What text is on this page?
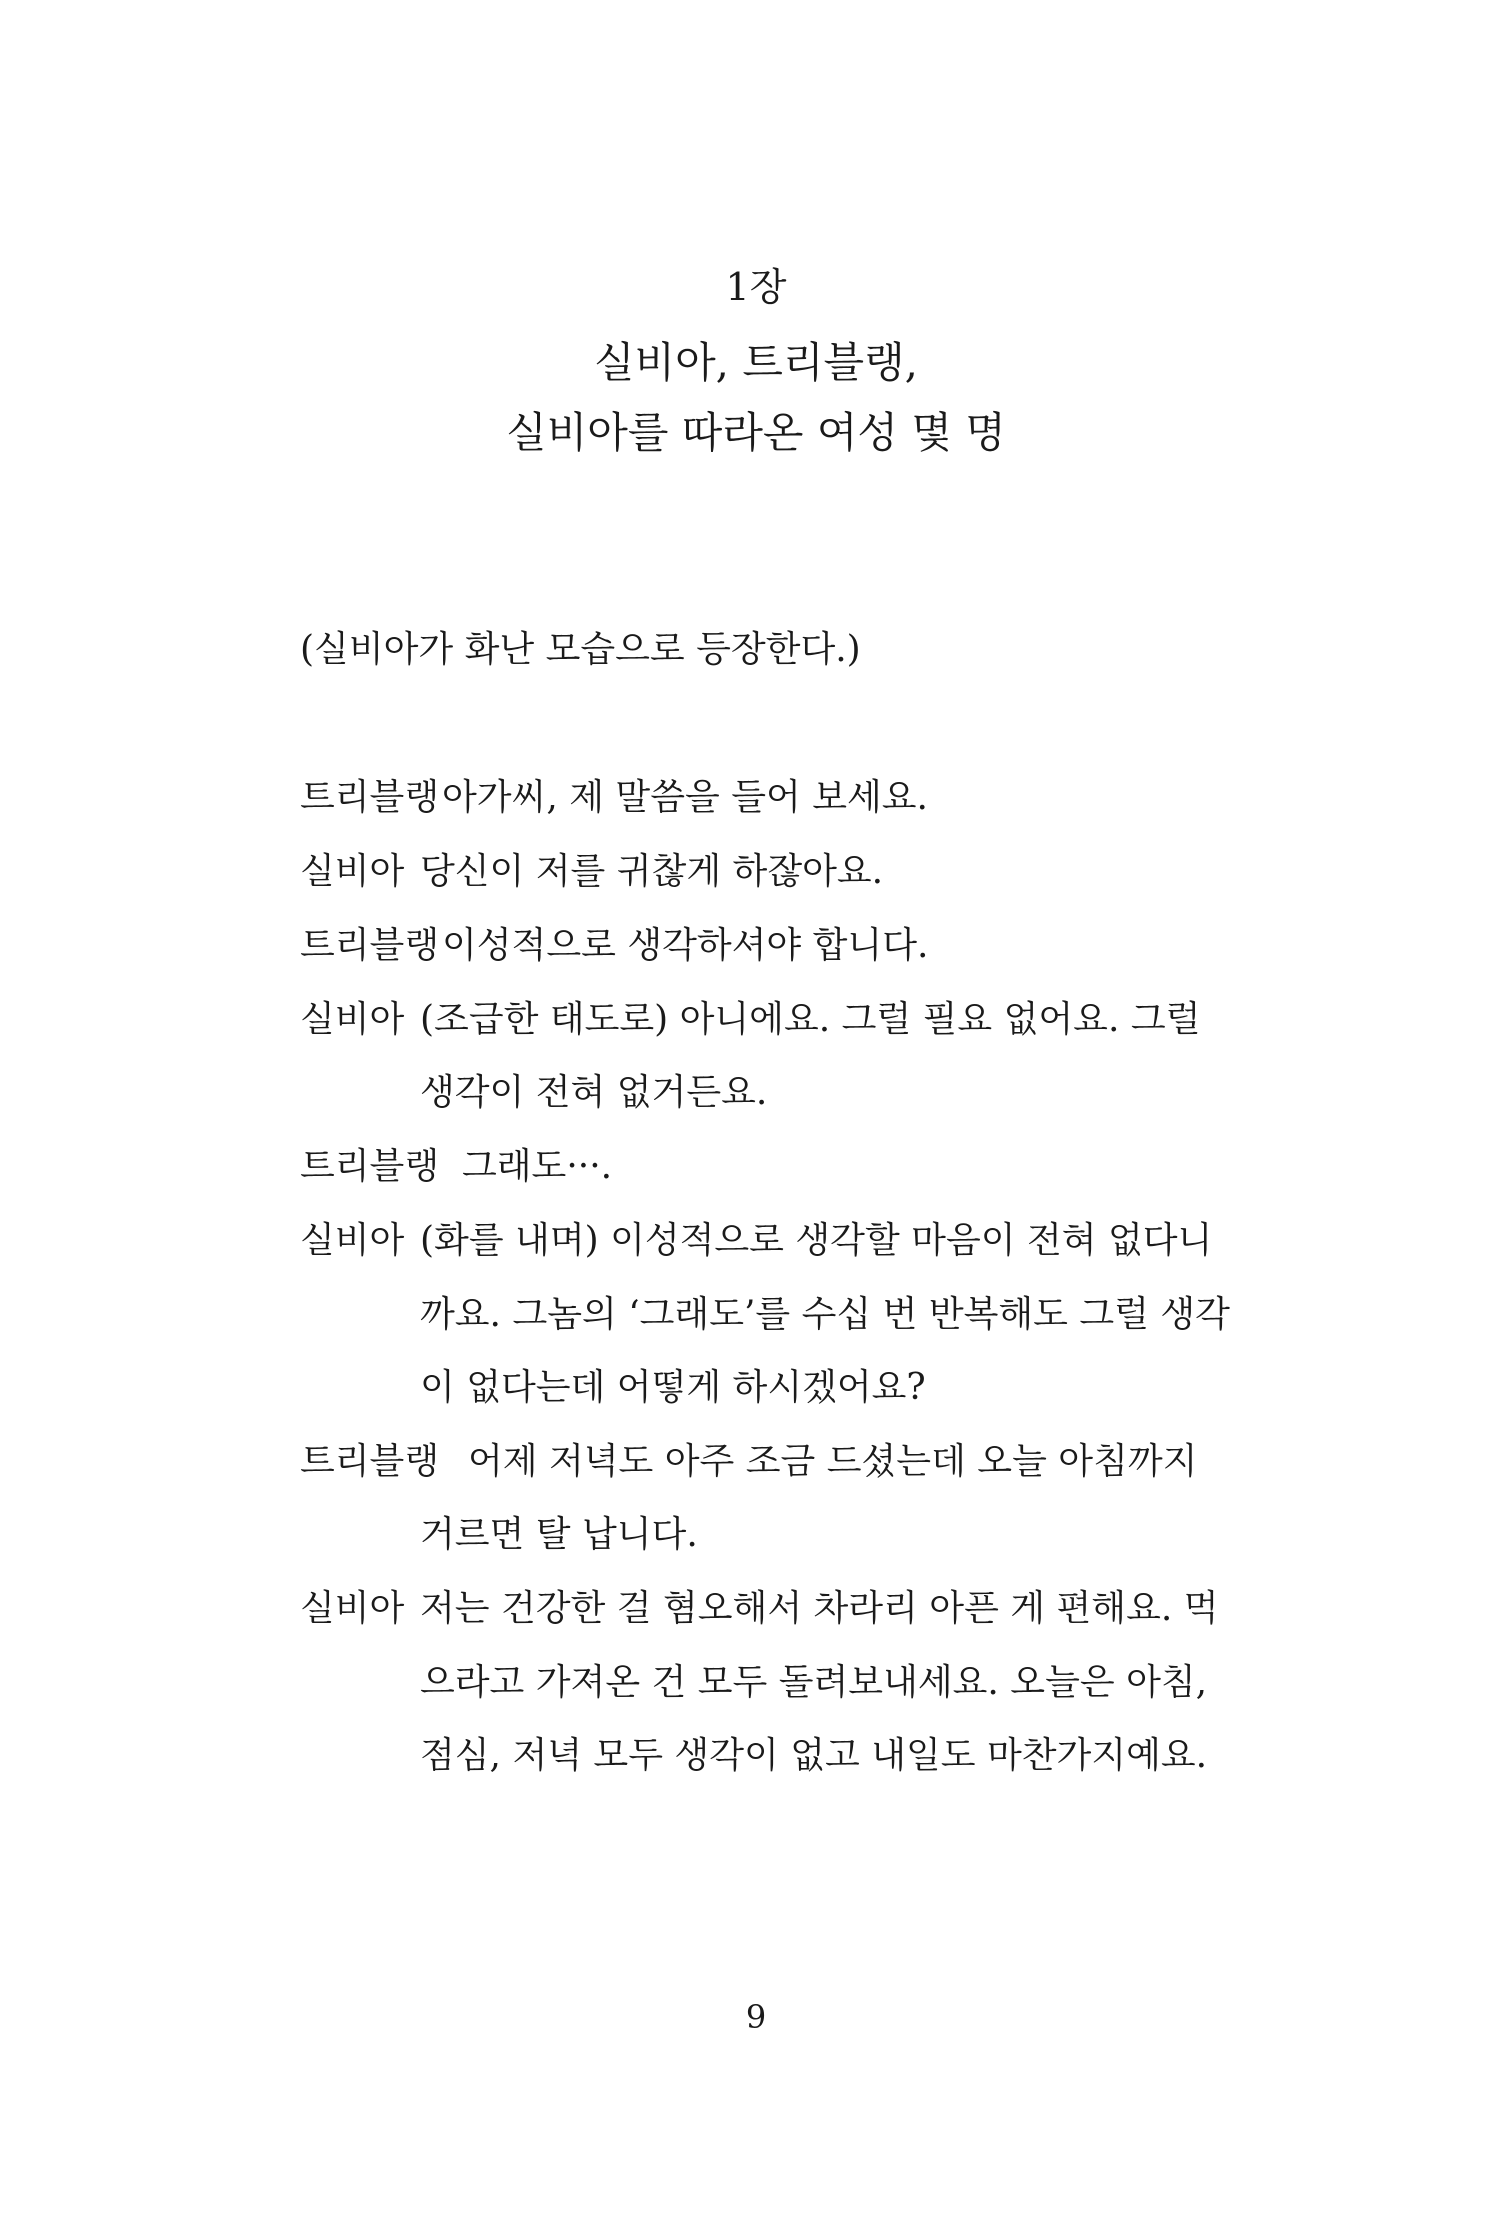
1장
실비아, 트리블랭,
실비아를 따라온 여성 몇 명
(실비아가 화난 모습으로 등장한다.)
트리블랭 아가씨, 제 말씀을 들어 보세요.
실비아 당신이 저를 귀찮게 하잖아요.
트리블랭 이성적으로 생각하셔야 합니다.
실비아 (조급한 태도로) 아니에요. 그럴 필요 없어요. 그럴
생각이 전혀 없거든요.
트리블랭 그래도···.
실비아 (화를 내며) 이성적으로 생각할 마음이 전혀 없다니
까요. 그놈의 ‘그래도’를 수십 번 반복해도 그럴 생각
이 없다는데 어떻게 하시겠어요?
트리블랭 어제 저녁도 아주 조금 드셨는데 오늘 아침까지
거르면 탈 납니다.
실비아 저는 건강한 걸 혐오해서 차라리 아픈 게 편해요. 먹
으라고 가져온 건 모두 돌려보내세요. 오늘은 아침,
점심, 저녁 모두 생각이 없고 내일도 마찬가지예요.
9
